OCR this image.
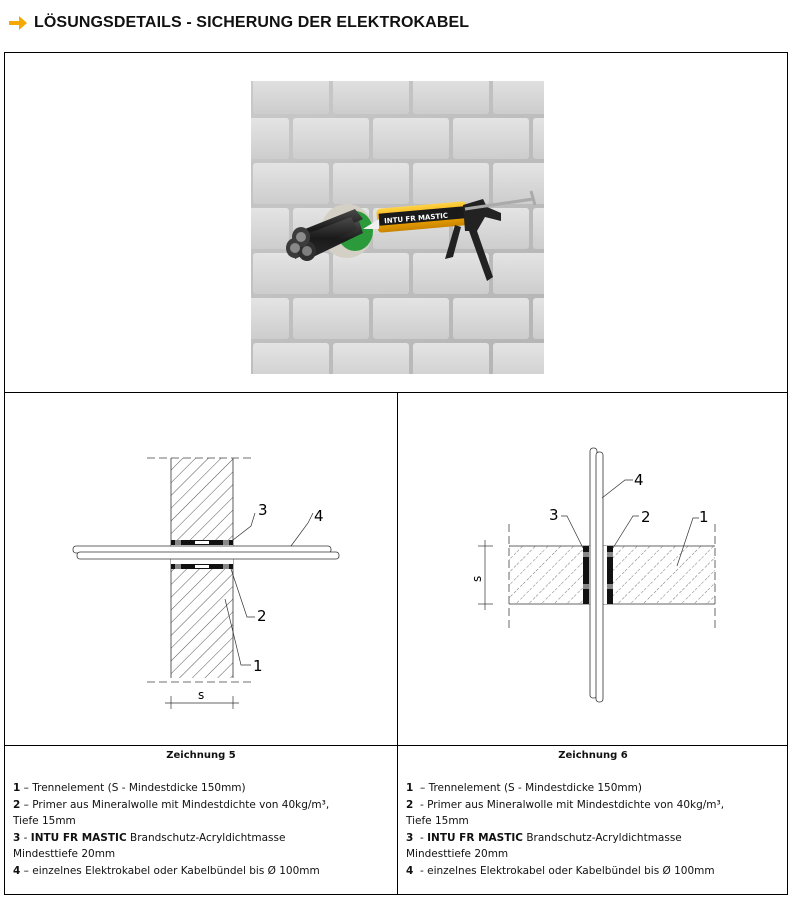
LÖSUNGSDETAILS - SICHERUNG DER ELEKTROKABEL
INTU FR MASTIC
s
3	4
2
1
s
4
3	2	1
Zeichnung 5	Zeichnung 6
1 – Trennelement (S - Mindestdicke 150mm)
2 – Primer aus Mineralwolle mit Mindestdichte von 40kg/m³,
Tiefe 15mm
3 - INTU FR MASTIC Brandschutz-Acryldichtmasse
Mindesttiefe 20mm
4 – einzelnes Elektrokabel oder Kabelbündel bis Ø 100mm
1  – Trennelement (S - Mindestdicke 150mm)
2  - Primer aus Mineralwolle mit Mindestdichte von 40kg/m³,
Tiefe 15mm
3  - INTU FR MASTIC Brandschutz-Acryldichtmasse
Mindesttiefe 20mm
4  - einzelnes Elektrokabel oder Kabelbündel bis Ø 100mm
